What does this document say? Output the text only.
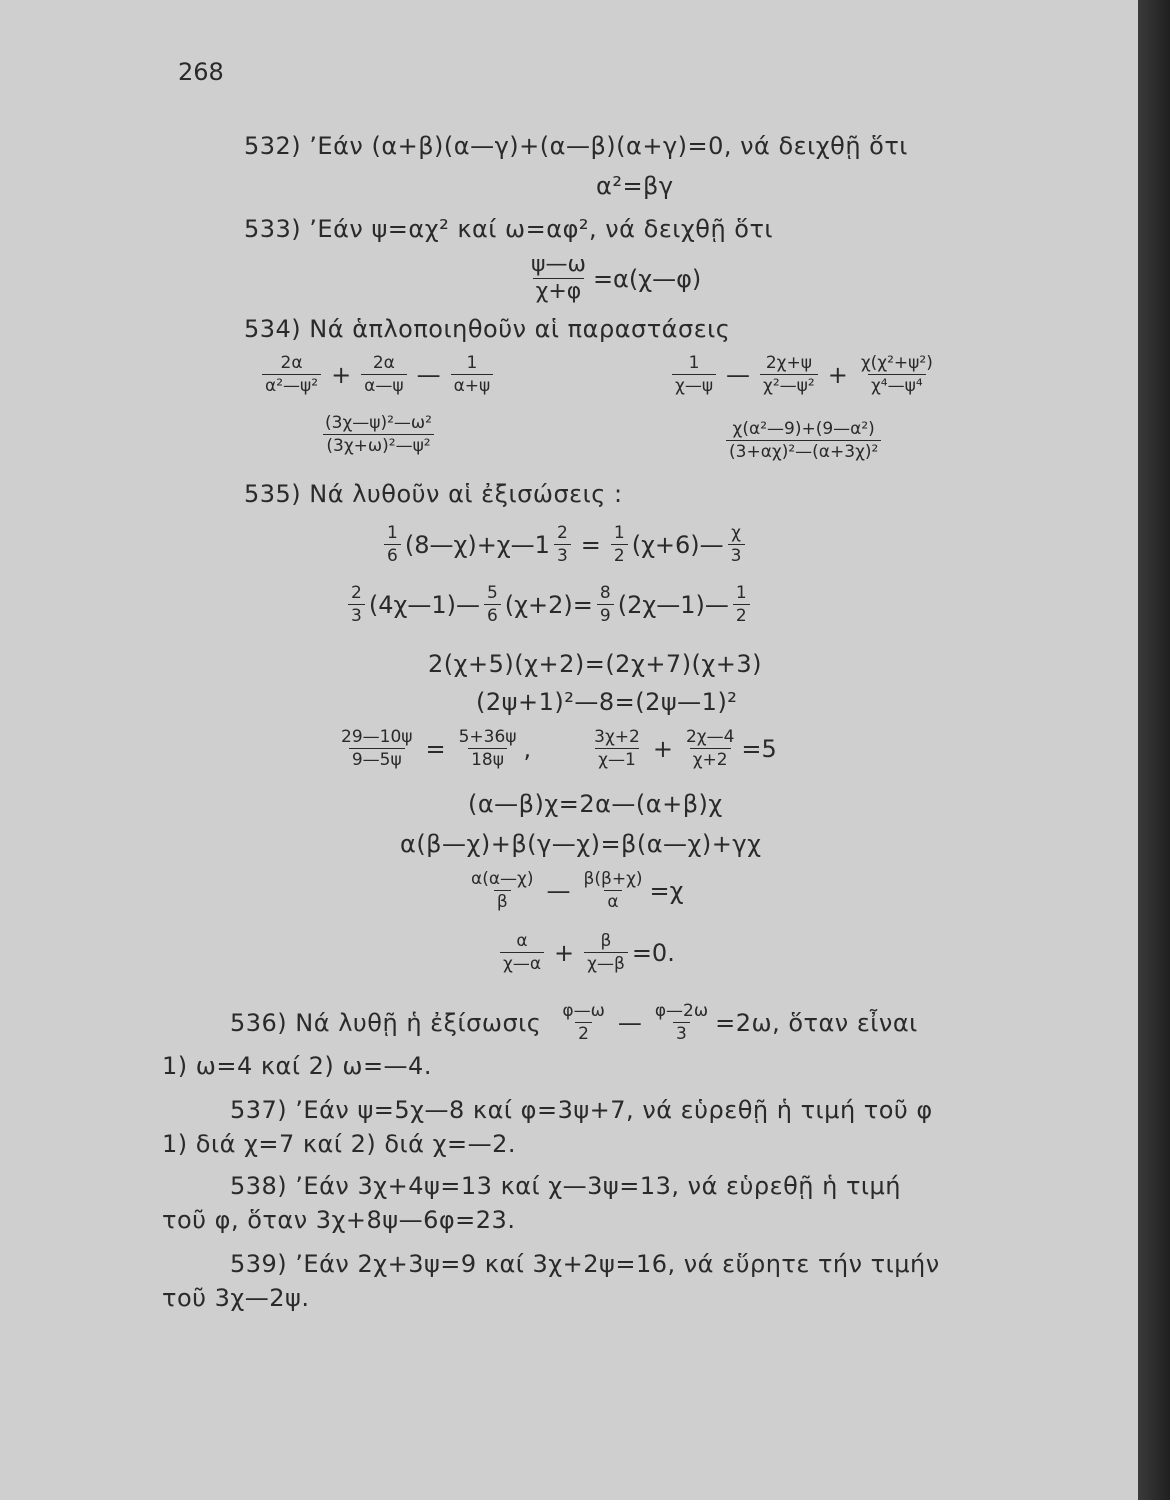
268
532) ’Εάν (α+β)(α—γ)+(α—β)(α+γ)=0, νά δειχθῇ ὅτι
α²=βγ
533) ’Εάν ψ=αχ² καί ω=αφ², νά δειχθῇ ὅτι
$\frac{\psi—\omega}{\chi+\varphi}$ =α(χ—φ)
534) Νά ἁπλοποιηθοῦν αἱ παραστάσεις
$\frac{2\alpha}{\text{α²—ψ²}} + \frac{2\alpha}{\alpha—\psi}$ — $\frac{1}{\alpha+\psi}$	$\frac{1}{\chi—\psi}$ — $\frac{2\chi+\psi}{\text{χ²—ψ²}} + \frac{\text{χ(χ²+ψ²)}}{\text{χ⁴—ψ⁴}}$
$\frac{\text{(3χ—ψ)²—ω²}}{\text{(3χ+ω)²—ψ²}}$	$\frac{\text{χ(α²—9)+(9—α²)}}{\text{(3+αχ)²—(α+3χ)²}}$
535) Νά λυθοῦν αἱ ἐξισώσεις :
$\frac{1}{6}$ (8—χ)+χ—1 $\frac{2}{3} = \frac{1}{2}$ (χ+6)— $\frac{\chi}{3}$
$\frac{2}{3}$ (4χ—1)— $\frac{5}{6} (\chi+2)= \frac{8}{9}$ (2χ—1)— $\frac{1}{2}$
2(χ+5)(χ+2)=(2χ+7)(χ+3)
(2ψ+1)²—8=(2ψ—1)²
$\frac{29—10\psi}{9—5\psi} = \frac{5+36\psi}{18\psi}$ ,	$\frac{3\chi+2}{\chi—1} + \frac{2\chi—4}{\chi+2} =5$
(α—β)χ=2α—(α+β)χ
α(β—χ)+β(γ—χ)=β(α—χ)+γχ
$\frac{\alpha(\alpha—\chi)}{\beta}$ — $\frac{\beta(\beta+\chi)}{\alpha} =\chi$
$\frac{\alpha}{\chi—\alpha} + \frac{\beta}{\chi—\beta} =0$.
536) Νά λυθῇ ἡ ἐξίσωσις $\frac{\varphi—\omega}{2}$ — $\frac{\varphi—2\omega}{3} =2\omega$, ὅταν εἶναι
1) ω=4 καί 2) ω=—4.
537) ’Εάν ψ=5χ—8 καί φ=3ψ+7, νά εὑρεθῇ ἡ τιμή τοῦ φ
1) διά χ=7 καί 2) διά χ=—2.
538) ’Εάν 3χ+4ψ=13 καί χ—3ψ=13, νά εὑρεθῇ ἡ τιμή
τοῦ φ, ὅταν 3χ+8ψ—6φ=23.
539) ’Εάν 2χ+3ψ=9 καί 3χ+2ψ=16, νά εὕρητε τήν τιμήν
τοῦ 3χ—2ψ.
